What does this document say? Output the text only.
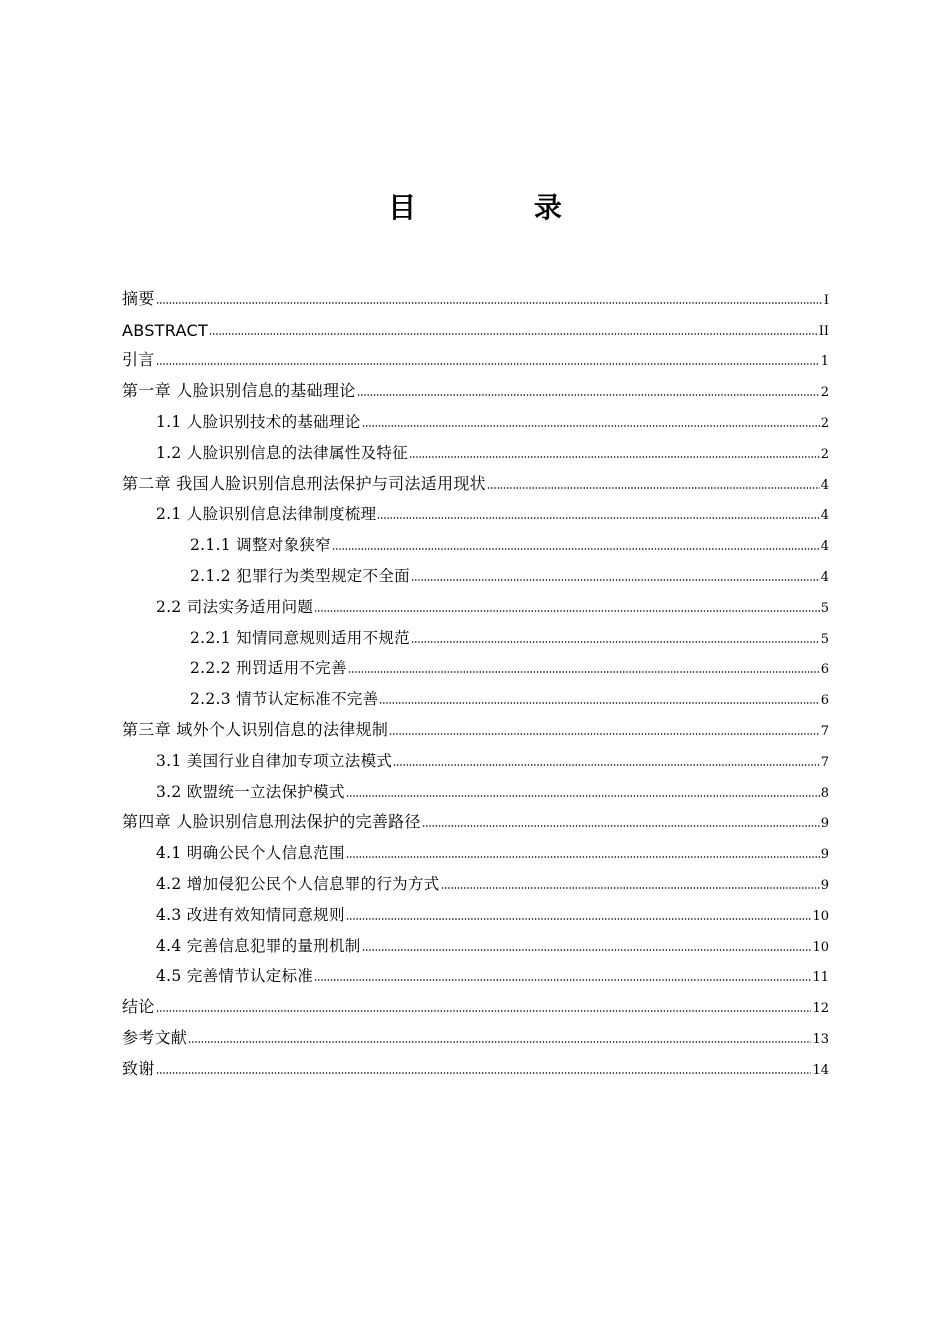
目 录
摘要	I
ABSTRACT	II
引言	1
第一章 人脸识别信息的基础理论	2
1.1 人脸识别技术的基础理论	2
1.2 人脸识别信息的法律属性及特征	2
第二章 我国人脸识别信息刑法保护与司法适用现状	4
2.1 人脸识别信息法律制度梳理	4
2.1.1 调整对象狭窄	4
2.1.2 犯罪行为类型规定不全面	4
2.2 司法实务适用问题	5
2.2.1 知情同意规则适用不规范	5
2.2.2 刑罚适用不完善	6
2.2.3 情节认定标准不完善	6
第三章 域外个人识别信息的法律规制	7
3.1 美国行业自律加专项立法模式	7
3.2 欧盟统一立法保护模式	8
第四章 人脸识别信息刑法保护的完善路径	9
4.1 明确公民个人信息范围	9
4.2 增加侵犯公民个人信息罪的行为方式	9
4.3 改进有效知情同意规则	10
4.4 完善信息犯罪的量刑机制	10
4.5 完善情节认定标准	11
结论	12
参考文献	13
致谢	14
